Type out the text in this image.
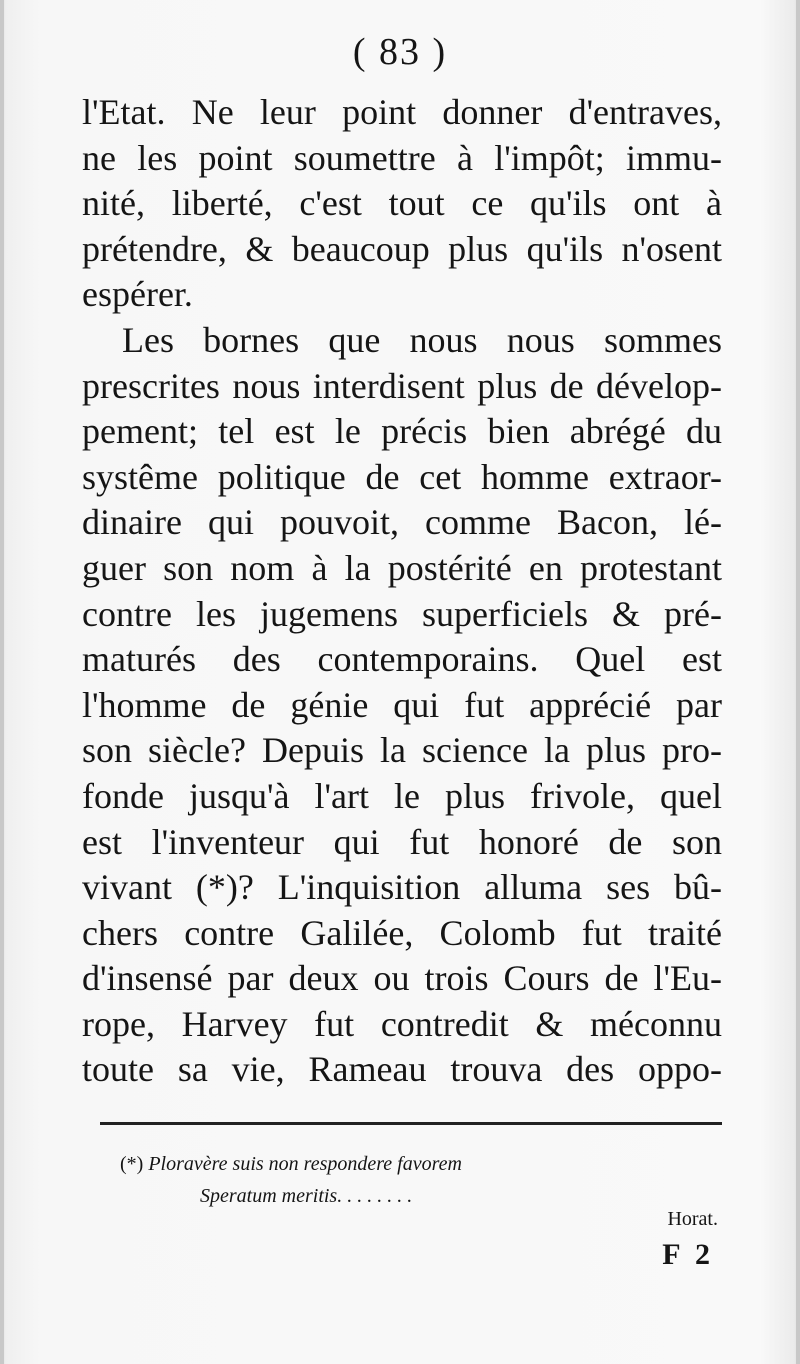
( 83 )
l'Etat. Ne leur point donner d'entraves,
ne les point soumettre à l'impôt; immu-
nité, liberté, c'est tout ce qu'ils ont à
prétendre, & beaucoup plus qu'ils n'osent
espérer.
Les bornes que nous nous sommes
prescrites nous interdisent plus de dévelop-
pement; tel est le précis bien abrégé du
systême politique de cet homme extraor-
dinaire qui pouvoit, comme Bacon, lé-
guer son nom à la postérité en protestant
contre les jugemens superficiels & pré-
maturés des contemporains. Quel est
l'homme de génie qui fut apprécié par
son siècle? Depuis la science la plus pro-
fonde jusqu'à l'art le plus frivole, quel
est l'inventeur qui fut honoré de son
vivant (*)? L'inquisition alluma ses bû-
chers contre Galilée, Colomb fut traité
d'insensé par deux ou trois Cours de l'Eu-
rope, Harvey fut contredit & méconnu
toute sa vie, Rameau trouva des oppo-
(*) Ploravère suis non respondere favorem
Speratum meritis. . . . . . . .
Horat.
F 2
